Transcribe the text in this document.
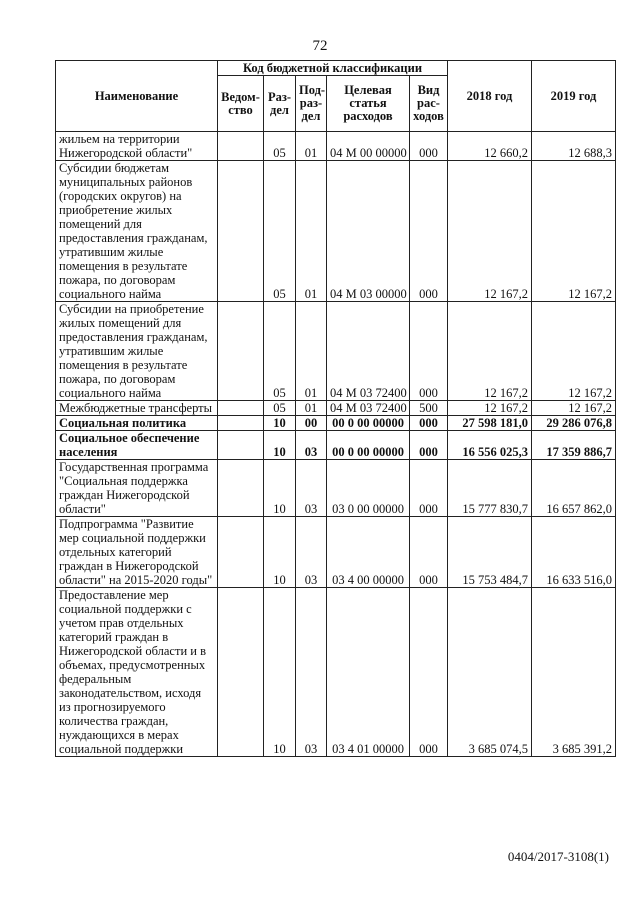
72
Наименование	Код бюджетной классификации					2018 год	2019 год
	Ведом-ство	Раз-дел	Под-раз-дел	Целевая статья расходов	Вид рас-ходов		
жильем на территории Нижегородской области"		05	01	04 М 00 00000	000	12 660,2	12 688,3
Субсидии бюджетам муниципальных районов (городских округов) на приобретение жилых помещений для предоставления гражданам, утратившим жилые помещения в результате пожара, по договорам социального найма		05	01	04 М 03 00000	000	12 167,2	12 167,2
Субсидии на приобретение жилых помещений для предоставления гражданам, утратившим жилые помещения в результате пожара, по договорам социального найма		05	01	04 М 03 72400	000	12 167,2	12 167,2
Межбюджетные трансферты		05	01	04 М 03 72400	500	12 167,2	12 167,2
Социальная политика		10	00	00 0 00 00000	000	27 598 181,0	29 286 076,8
Социальное обеспечение населения		10	03	00 0 00 00000	000	16 556 025,3	17 359 886,7
Государственная программа "Социальная поддержка граждан Нижегородской области"		10	03	03 0 00 00000	000	15 777 830,7	16 657 862,0
Подпрограмма "Развитие мер социальной поддержки отдельных категорий граждан в Нижегородской области" на 2015-2020 годы"		10	03	03 4 00 00000	000	15 753 484,7	16 633 516,0
Предоставление мер социальной поддержки с учетом прав отдельных категорий граждан в Нижегородской области и в объемах, предусмотренных федеральным законодательством, исходя из прогнозируемого количества граждан, нуждающихся в мерах социальной поддержки		10	03	03 4 01 00000	000	3 685 074,5	3 685 391,2
0404/2017-3108(1)
